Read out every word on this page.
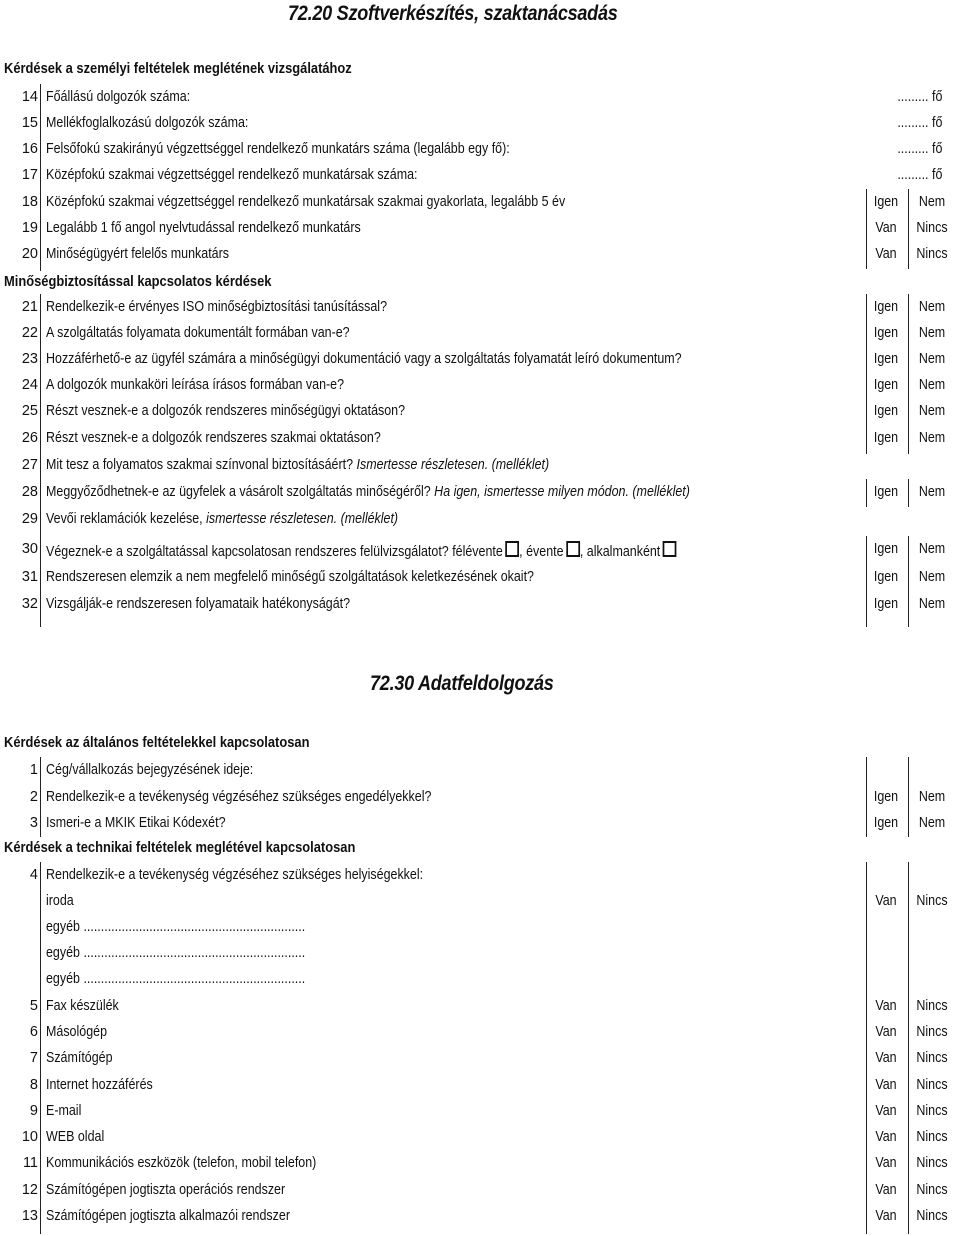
72.20 Szoftverkészítés, szaktanácsadás
Kérdések a személyi feltételek meglétének vizsgálatához
14 Főállású dolgozók száma:	......... fő
15 Mellékfoglalkozású dolgozók száma:	......... fő
16 Felsőfokú szakirányú végzettséggel rendelkező munkatárs száma (legalább egy fő):	......... fő
17 Középfokú szakmai végzettséggel rendelkező munkatársak száma:	......... fő
18 Középfokú szakmai végzettséggel rendelkező munkatársak szakmai gyakorlata, legalább 5 év	Igen	Nem
19 Legalább 1 fő angol nyelvtudással rendelkező munkatárs	Van	Nincs
20 Minőségügyért felelős munkatárs	Van	Nincs
21 Rendelkezik-e érvényes ISO minőségbiztosítási tanúsítással?	Igen	Nem
22 A szolgáltatás folyamata dokumentált formában van-e?	Igen	Nem
23 Hozzáférhető-e az ügyfél számára a minőségügyi dokumentáció vagy a szolgáltatás folyamatát leíró dokumentum?	Igen	Nem
24 A dolgozók munkaköri leírása írásos formában van-e?	Igen	Nem
25 Részt vesznek-e a dolgozók rendszeres minőségügyi oktatáson?	Igen	Nem
26 Részt vesznek-e a dolgozók rendszeres szakmai oktatáson?	Igen	Nem
27 Mit tesz a folyamatos szakmai színvonal biztosításáért? Ismertesse részletesen. (melléklet)
28 Meggyőződhetnek-e az ügyfelek a vásárolt szolgáltatás minőségéről? Ha igen, ismertesse milyen módon. (melléklet)	Igen	Nem
29 Vevői reklamációk kezelése, ismertesse részletesen. (melléklet)
30 Végeznek-e a szolgáltatással kapcsolatosan rendszeres felülvizsgálatot? félévente , évente , alkalmanként	Igen	Nem
31 Rendszeresen elemzik a nem megfelelő minőségű szolgáltatások keletkezésének okait?	Igen	Nem
32 Vizsgálják-e rendszeresen folyamataik hatékonyságát?	Igen	Nem
Minőségbiztosítással kapcsolatos kérdések
72.30 Adatfeldolgozás
Kérdések az általános feltételekkel kapcsolatosan
Kérdések a technikai feltételek meglétével kapcsolatosan
1 Cég/vállalkozás bejegyzésének ideje:
2 Rendelkezik-e a tevékenység végzéséhez szükséges engedélyekkel?	Igen	Nem
3 Ismeri-e a MKIK Etikai Kódexét?	Igen	Nem
4 Rendelkezik-e a tevékenység végzéséhez szükséges helyiségekkel:
iroda	Van	Nincs
egyéb ................................................................
egyéb ................................................................
egyéb ................................................................
5 Fax készülék	Van	Nincs
6 Másológép	Van	Nincs
7 Számítógép	Van	Nincs
8 Internet hozzáférés	Van	Nincs
9 E-mail	Van	Nincs
10 WEB oldal	Van	Nincs
11 Kommunikációs eszközök (telefon, mobil telefon)	Van	Nincs
12 Számítógépen jogtiszta operációs rendszer	Van	Nincs
13 Számítógépen jogtiszta alkalmazói rendszer	Van	Nincs
